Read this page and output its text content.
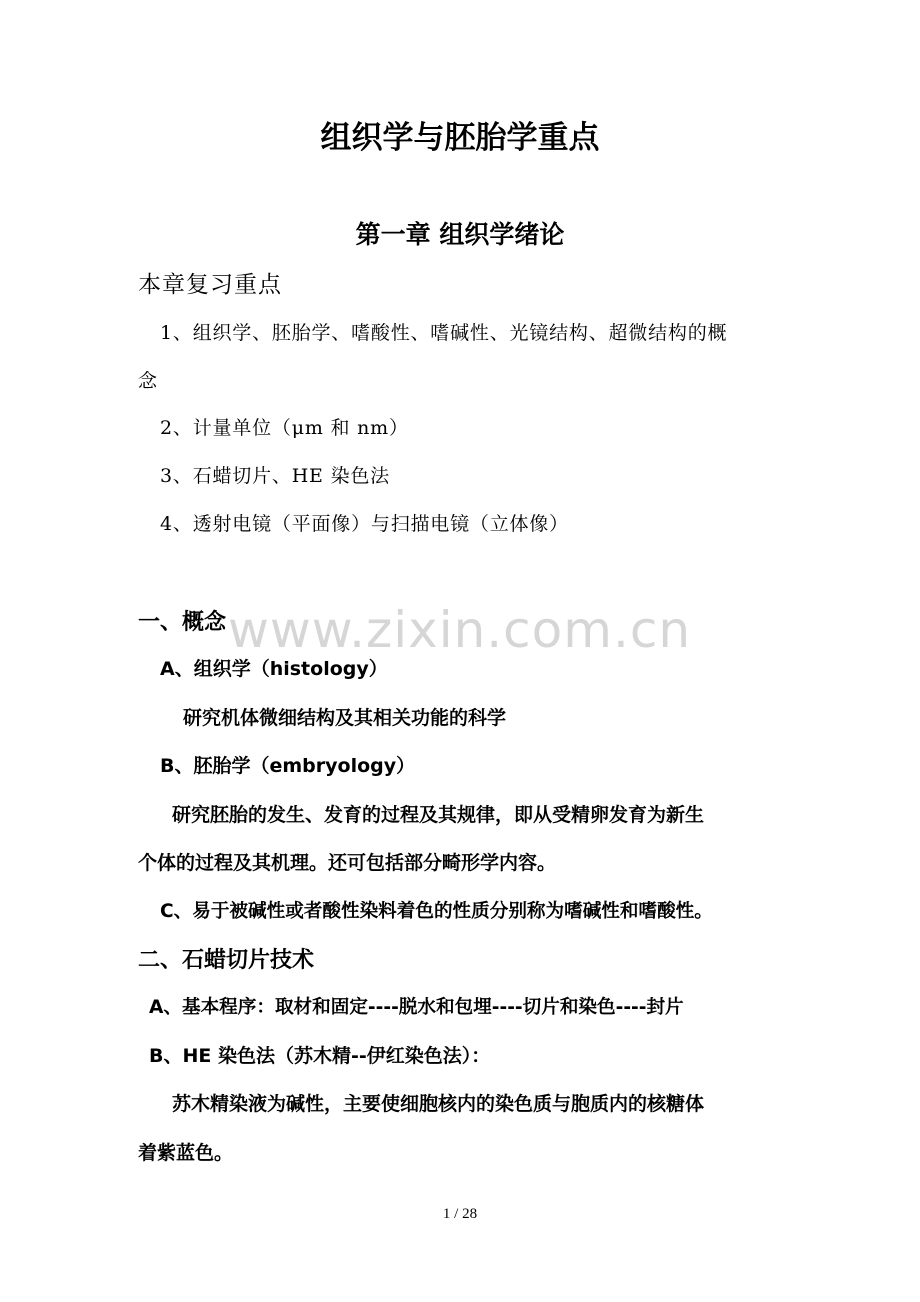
组织学与胚胎学重点
第一章 组织学绪论
本章复习重点
1、组织学、胚胎学、嗜酸性、嗜碱性、光镜结构、超微结构的概
念
2、计量单位（μm 和 nm）
3、石蜡切片、HE 染色法
4、透射电镜（平面像）与扫描电镜（立体像）
一、概念 www.zixin.com.cn
A、组织学（histology）
研究机体微细结构及其相关功能的科学
B、胚胎学（embryology）
研究胚胎的发生、发育的过程及其规律，即从受精卵发育为新生
个体的过程及其机理。还可包括部分畸形学内容。
C、易于被碱性或者酸性染料着色的性质分别称为嗜碱性和嗜酸性。
二、石蜡切片技术
A、基本程序：取材和固定----脱水和包埋----切片和染色----封片
B、HE 染色法（苏木精--伊红染色法）：
苏木精染液为碱性，主要使细胞核内的染色质与胞质内的核糖体
着紫蓝色。
1 / 28
